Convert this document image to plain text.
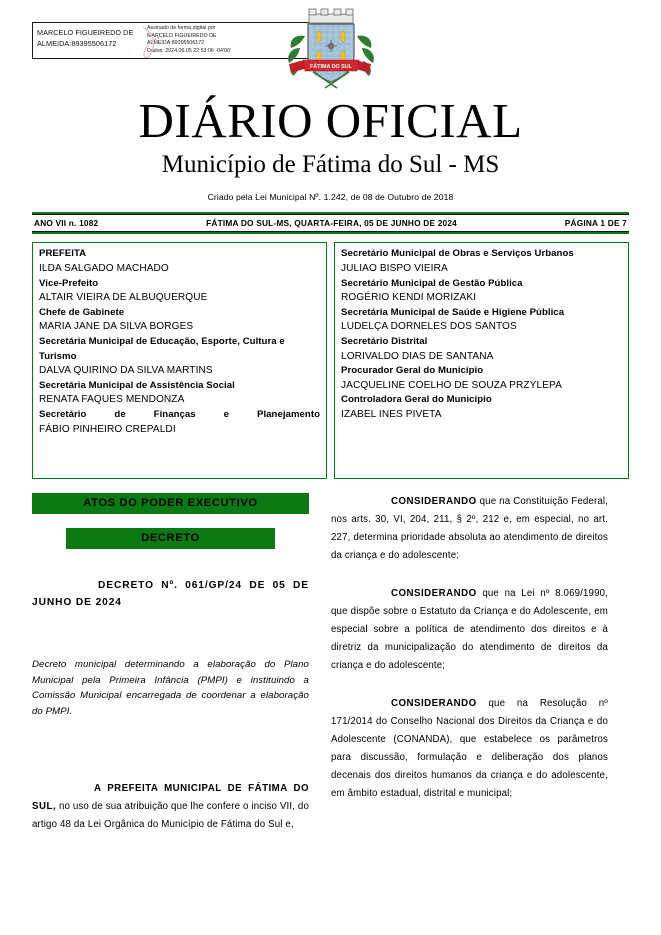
MARCELO FIGUEIREDO DE ALMEIDA:89395506172
Assinado de forma digital por
MARCELO FIGUEIREDO DE
ALMEIDA:89395506172
Dados: 2024.06.05 22:53:06 -04'00'
FÁTIMA DO SUL
DIÁRIO OFICIAL
Município de Fátima do Sul - MS
Criado pela Lei Municipal Nº. 1.242, de 08 de Outubro de 2018
ANO VII n. 1082	FÁTIMA DO SUL-MS, QUARTA-FEIRA, 05 DE JUNHO DE 2024	PÁGINA 1 DE 7
PREFEITA
ILDA SALGADO MACHADO
Vice-Prefeito
ALTAIR VIEIRA DE ALBUQUERQUE
Chefe de Gabinete
MARIA JANE DA SILVA BORGES
Secretária Municipal de Educação, Esporte, Cultura e Turismo
DALVA QUIRINO DA SILVA MARTINS
Secretária Municipal de Assistência Social
RENATA FAQUES MENDONZA
Secretário de Finanças e Planejamento
FÁBIO PINHEIRO CREPALDI
Secretário Municipal de Obras e Serviços Urbanos
JULIAO BISPO VIEIRA
Secretário Municipal de Gestão Pública
ROGÉRIO KENDI MORIZAKI
Secretária Municipal de Saúde e Higiene Pública
LUDELÇA DORNELES DOS SANTOS
Secretário Distrital
LORIVALDO DIAS DE SANTANA
Procurador Geral do Município
JACQUELINE COELHO DE SOUZA PRZYLEPA
Controladora Geral do Município
IZABEL INES PIVETA
ATOS DO PODER EXECUTIVO
DECRETO
DECRETO Nº. 061/GP/24 DE 05 DE JUNHO DE 2024
Decreto municipal determinando a elaboração do Plano Municipal pela Primeira Infância (PMPI) e instituindo a Comissão Municipal encarregada de coordenar a elaboração do PMPI.
A PREFEITA MUNICIPAL DE FÁTIMA DO SUL, no uso de sua atribuição que lhe confere o inciso VII, do artigo 48 da Lei Orgânica do Município de Fátima do Sul e,
CONSIDERANDO que na Constituição Federal, nos arts. 30, VI, 204, 211, § 2º, 212 e, em especial, no art. 227, determina prioridade absoluta ao atendimento de direitos da criança e do adolescente;
CONSIDERANDO que na Lei nº 8.069/1990, que dispõe sobre o Estatuto da Criança e do Adolescente, em especial sobre a política de atendimento dos direitos e à diretriz da municipalização do atendimento de direitos da criança e do adolescente;
CONSIDERANDO que na Resolução nº 171/2014 do Conselho Nacional dos Direitos da Criança e do Adolescente (CONANDA), que estabelece os parâmetros para discussão, formulação e deliberação dos planos decenais dos direitos humanos da criança e do adolescente, em âmbito estadual, distrital e municipal;
